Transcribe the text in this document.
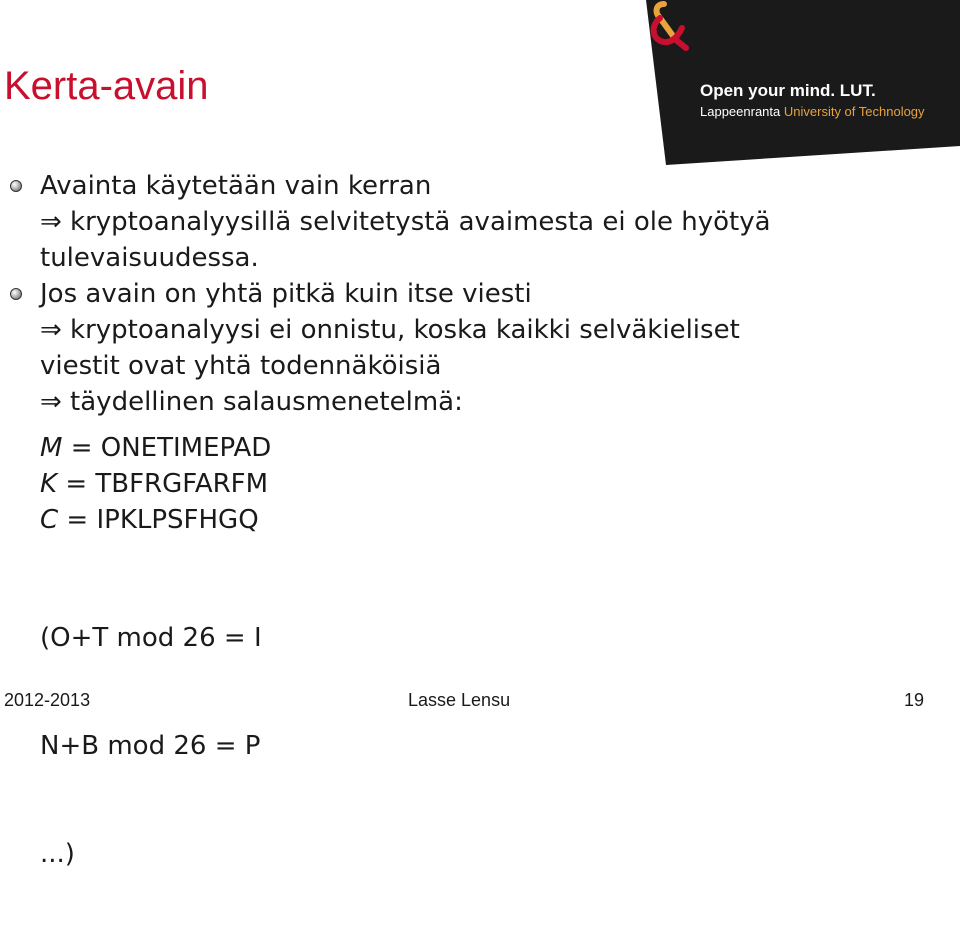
Kerta-avain	Open your mind. LUT.
Lappeenranta University of Technology
Avainta käytetään vain kerran
⇒ kryptoanalyysillä selvitetystä avaimesta ei ole hyötyä
tulevaisuudessa.
Jos avain on yhtä pitkä kuin itse viesti
⇒ kryptoanalyysi ei onnistu, koska kaikki selväkieliset
viestit ovat yhtä todennäköisiä
⇒ täydellinen salausmenetelmä:
M = ONETIMEPAD
K = TBFRGFARFM
C = IPKLPSFHGQ

(O+T mod 26 = I

N+B mod 26 = P

...)

2012-2013	Lasse Lensu	19
